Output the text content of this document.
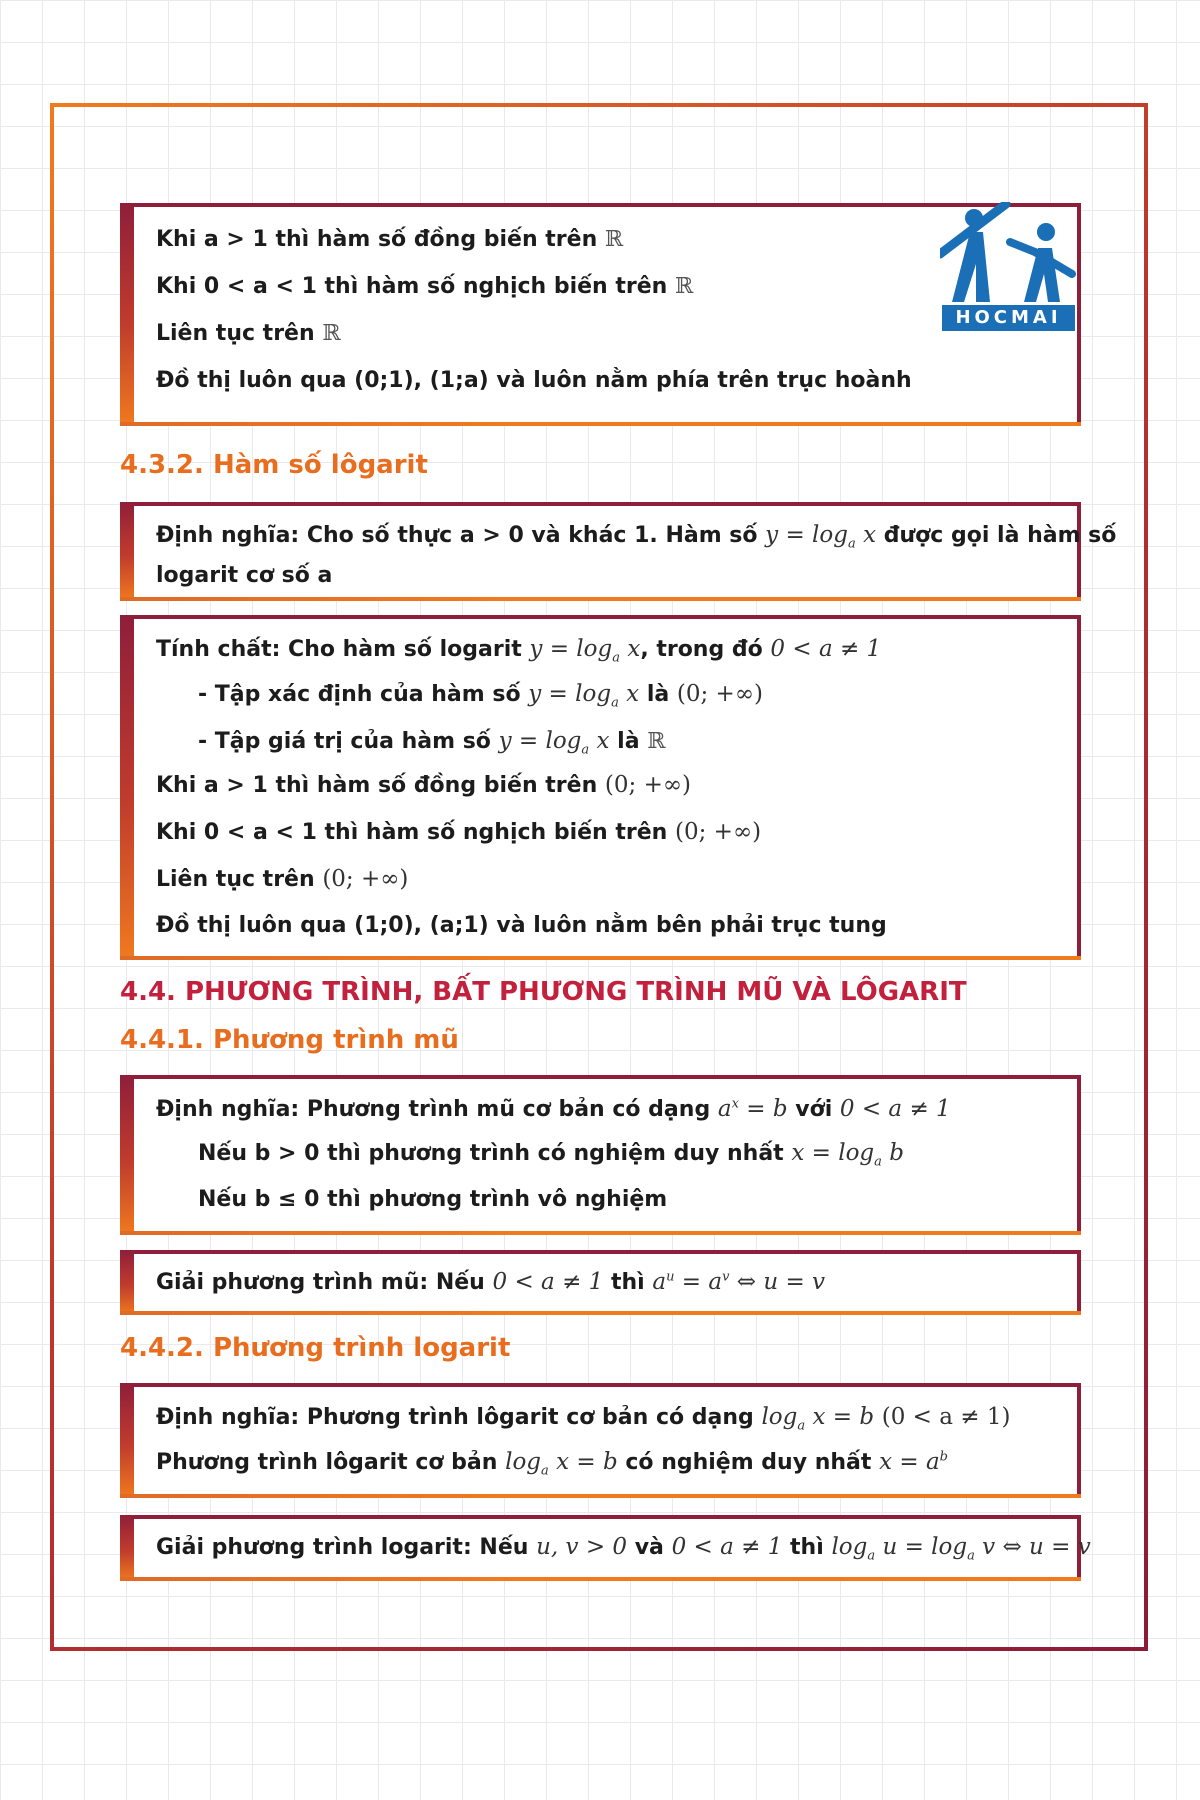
Khi a > 1 thì hàm số đồng biến trên ℝ
Khi 0 < a < 1 thì hàm số nghịch biến trên ℝ
Liên tục trên ℝ
Đồ thị luôn qua (0;1), (1;a) và luôn nằm phía trên trục hoành
HOCMAI
4.3.2. Hàm số lôgarit
Định nghĩa: Cho số thực a > 0 và khác 1. Hàm số $y = \log_a x$ được gọi là hàm số
logarit cơ số a
Tính chất: Cho hàm số logarit $y = \log_a x$, trong đó 0 < a ≠ 1
- Tập xác định của hàm số $y = \log_a x$ là (0; +∞)
- Tập giá trị của hàm số $y = \log_a x$ là ℝ
Khi a > 1 thì hàm số đồng biến trên (0; +∞)
Khi 0 < a < 1 thì hàm số nghịch biến trên (0; +∞)
Liên tục trên (0; +∞)
Đồ thị luôn qua (1;0), (a;1) và luôn nằm bên phải trục tung
4.4. PHƯƠNG TRÌNH, BẤT PHƯƠNG TRÌNH MŨ VÀ LÔGARIT
4.4.1. Phương trình mũ
Định nghĩa: Phương trình mũ cơ bản có dạng $a^x = b$ với 0 < a ≠ 1
Nếu b > 0 thì phương trình có nghiệm duy nhất $x = \log_a b$
Nếu b ≤ 0 thì phương trình vô nghiệm
Giải phương trình mũ: Nếu 0 < a ≠ 1 thì $a^u = a^v$ ⇔ u = v
4.4.2. Phương trình logarit
Định nghĩa: Phương trình lôgarit cơ bản có dạng $\log_a x = b$ (0 < a ≠ 1)
Phương trình lôgarit cơ bản $\log_a x = b$ có nghiệm duy nhất $x = a^b$
Giải phương trình logarit: Nếu u, v > 0 và 0 < a ≠ 1 thì $\log_a u = \log_a v$ ⇔ u = v
